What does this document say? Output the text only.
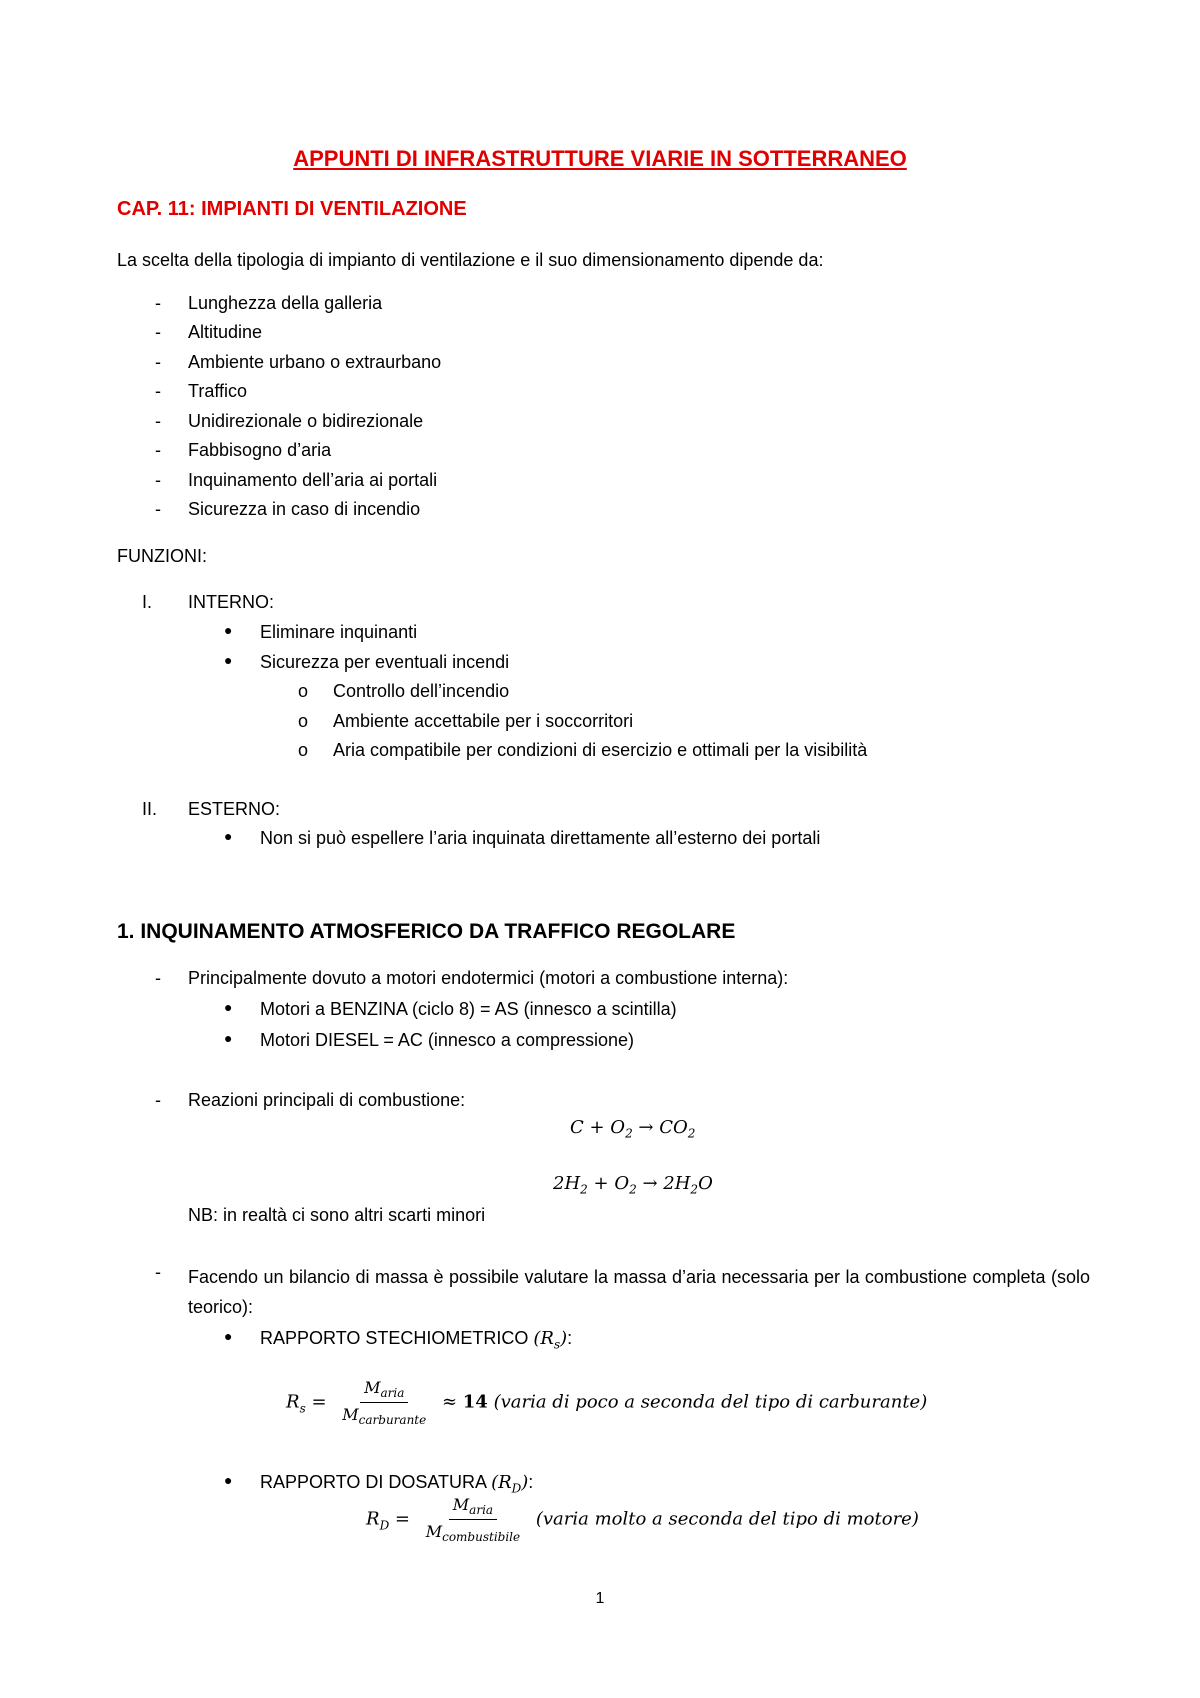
APPUNTI DI INFRASTRUTTURE VIARIE IN SOTTERRANEO
CAP. 11: IMPIANTI DI VENTILAZIONE
La scelta della tipologia di impianto di ventilazione e il suo dimensionamento dipende da:
- Lunghezza della galleria
- Altitudine
- Ambiente urbano o extraurbano
- Traffico
- Unidirezionale o bidirezionale
- Fabbisogno d’aria
- Inquinamento dell’aria ai portali
- Sicurezza in caso di incendio
FUNZIONI:
I.	INTERNO:
● Eliminare inquinanti
● Sicurezza per eventuali incendi
o Controllo dell’incendio
o Ambiente accettabile per i soccorritori
o Aria compatibile per condizioni di esercizio e ottimali per la visibilità
II.	ESTERNO:
● Non si può espellere l’aria inquinata direttamente all’esterno dei portali
1. INQUINAMENTO ATMOSFERICO DA TRAFFICO REGOLARE
- Principalmente dovuto a motori endotermici (motori a combustione interna):
● Motori a BENZINA (ciclo 8) = AS (innesco a scintilla)
● Motori DIESEL = AC (innesco a compressione)
- Reazioni principali di combustione:
$C + O_2 \to CO_2$
$2H_2 + O_2 \to 2H_2O$
NB: in realtà ci sono altri scarti minori
- Facendo un bilancio di massa è possibile valutare la massa d’aria necessaria per la combustione completa (solo teorico):
● RAPPORTO STECHIOMETRICO $(R_s)$:
$R_s = \frac{M_{aria}}{M_{carburante}} \approx 14$ (varia di poco a seconda del tipo di carburante)
● RAPPORTO DI DOSATURA $(R_D)$:
$R_D = \frac{M_{aria}}{M_{combustibile}}$ (varia molto a seconda del tipo di motore)
1
